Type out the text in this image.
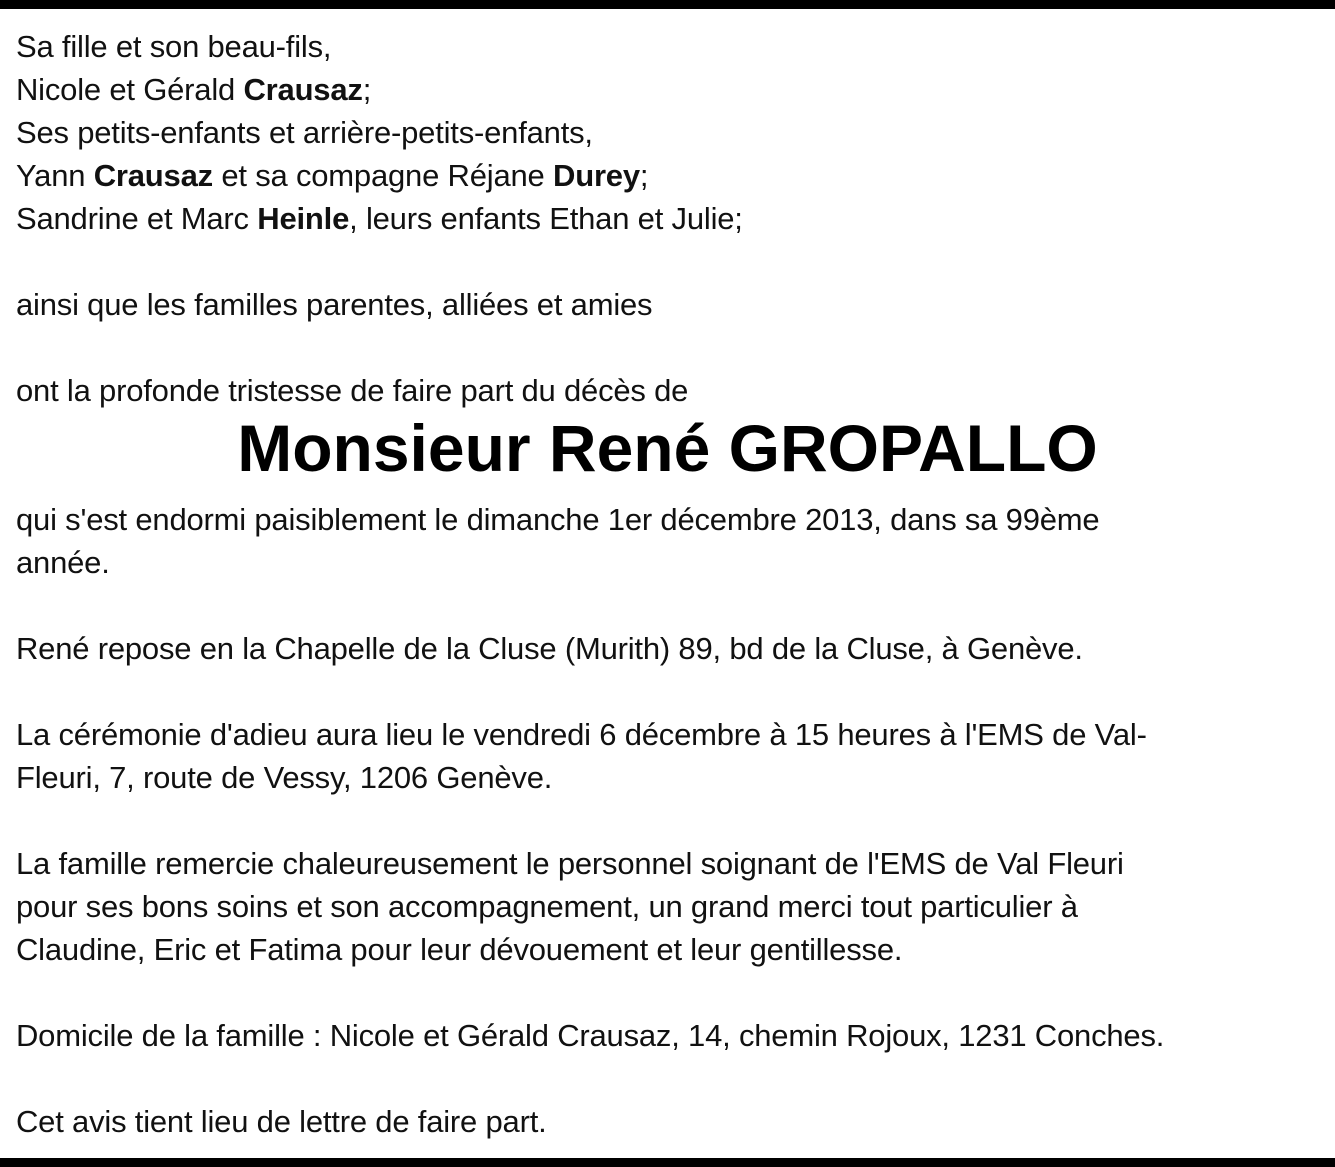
Sa fille et son beau-fils,
Nicole et Gérald Crausaz;
Ses petits-enfants et arrière-petits-enfants,
Yann Crausaz et sa compagne Réjane Durey;
Sandrine et Marc Heinle, leurs enfants Ethan et Julie;
ainsi que les familles parentes, alliées et amies
ont la profonde tristesse de faire part du décès de
qui s'est endormi paisiblement le dimanche 1er décembre 2013, dans sa 99ème
année.
René repose en la Chapelle de la Cluse (Murith) 89, bd de la Cluse, à Genève.
La cérémonie d'adieu aura lieu le vendredi 6 décembre à 15 heures à l'EMS de Val-
Fleuri, 7, route de Vessy, 1206 Genève.
La famille remercie chaleureusement le personnel soignant de l'EMS de Val Fleuri
pour ses bons soins et son accompagnement, un grand merci tout particulier à
Claudine, Eric et Fatima pour leur dévouement et leur gentillesse.
Domicile de la famille : Nicole et Gérald Crausaz, 14, chemin Rojoux, 1231 Conches.
Cet avis tient lieu de lettre de faire part.
Monsieur René GROPALLO
